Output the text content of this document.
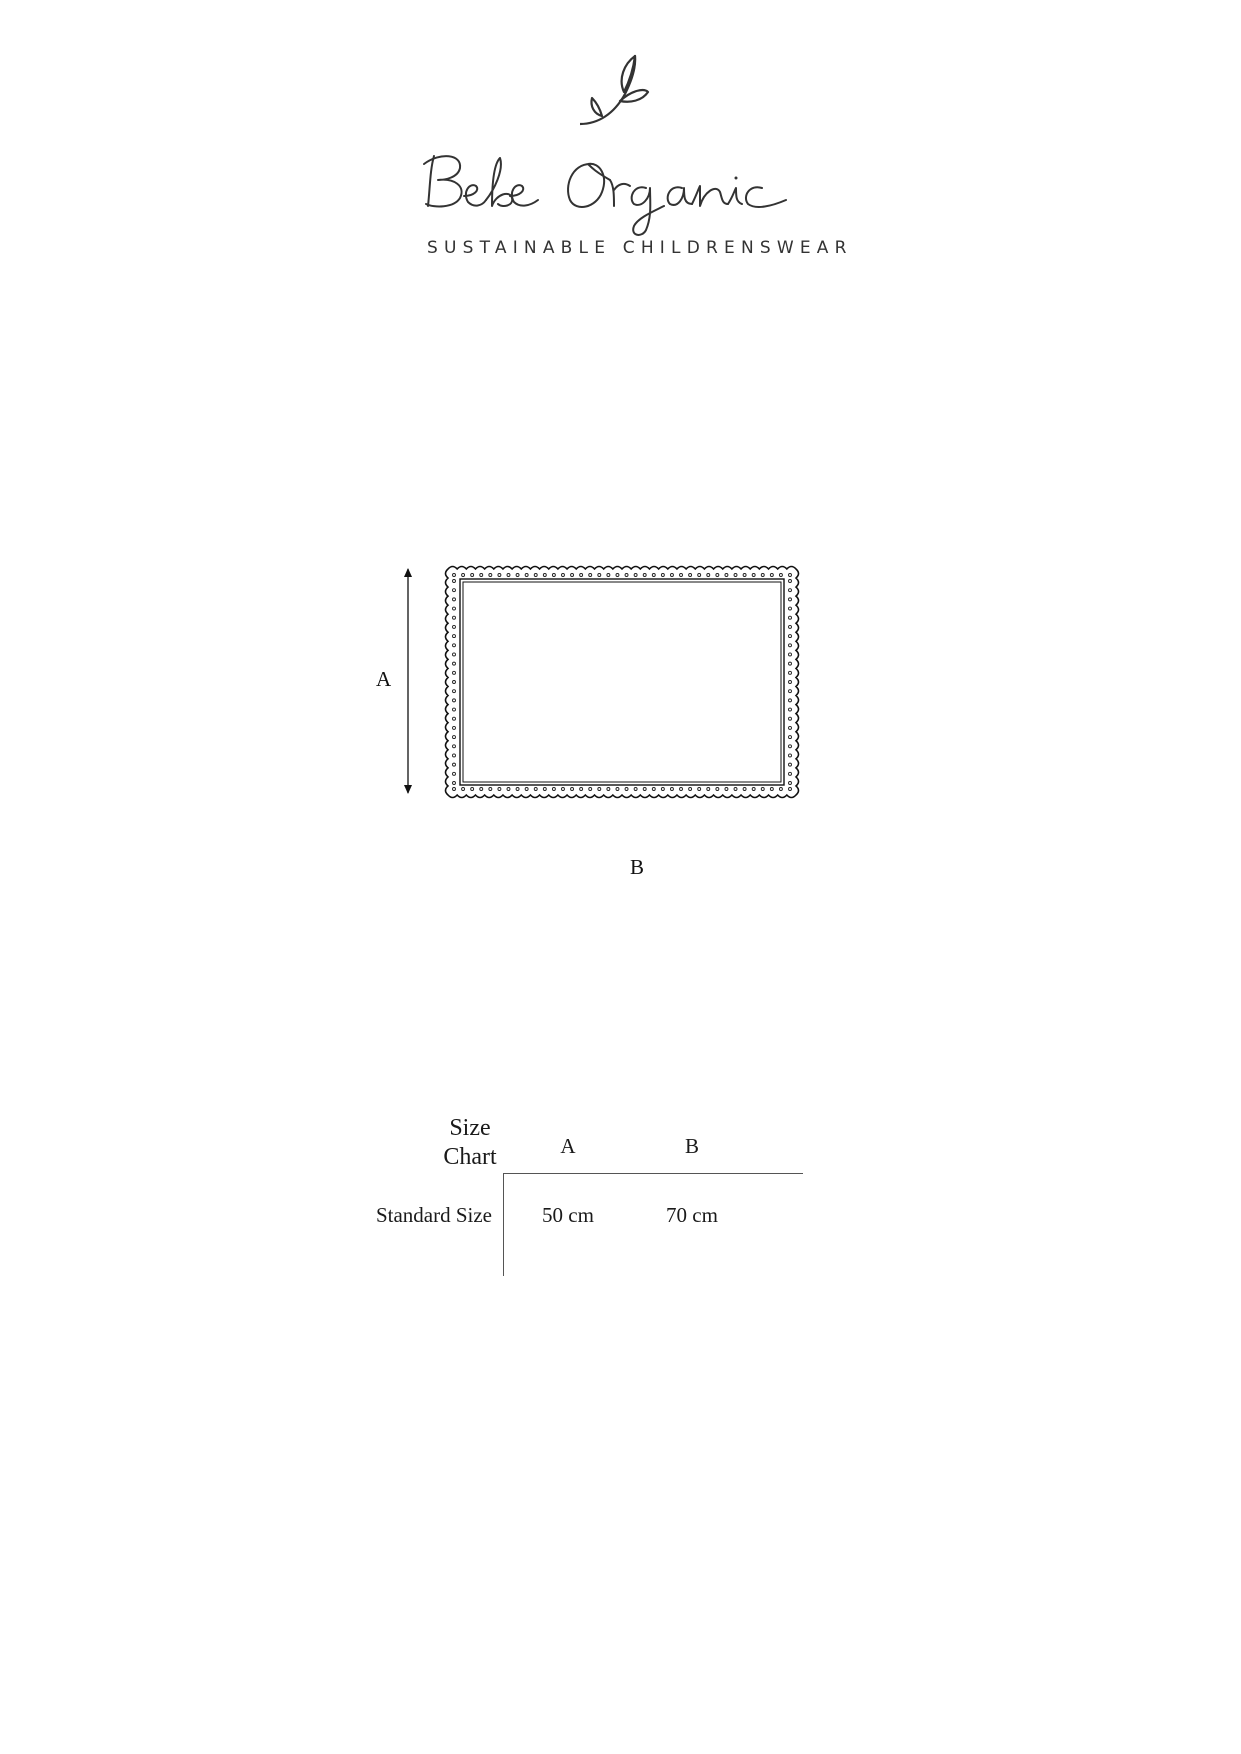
SUSTAINABLE CHILDRENSWEAR
A
B
Size
Chart	A	B
Standard Size	50 cm	70 cm
